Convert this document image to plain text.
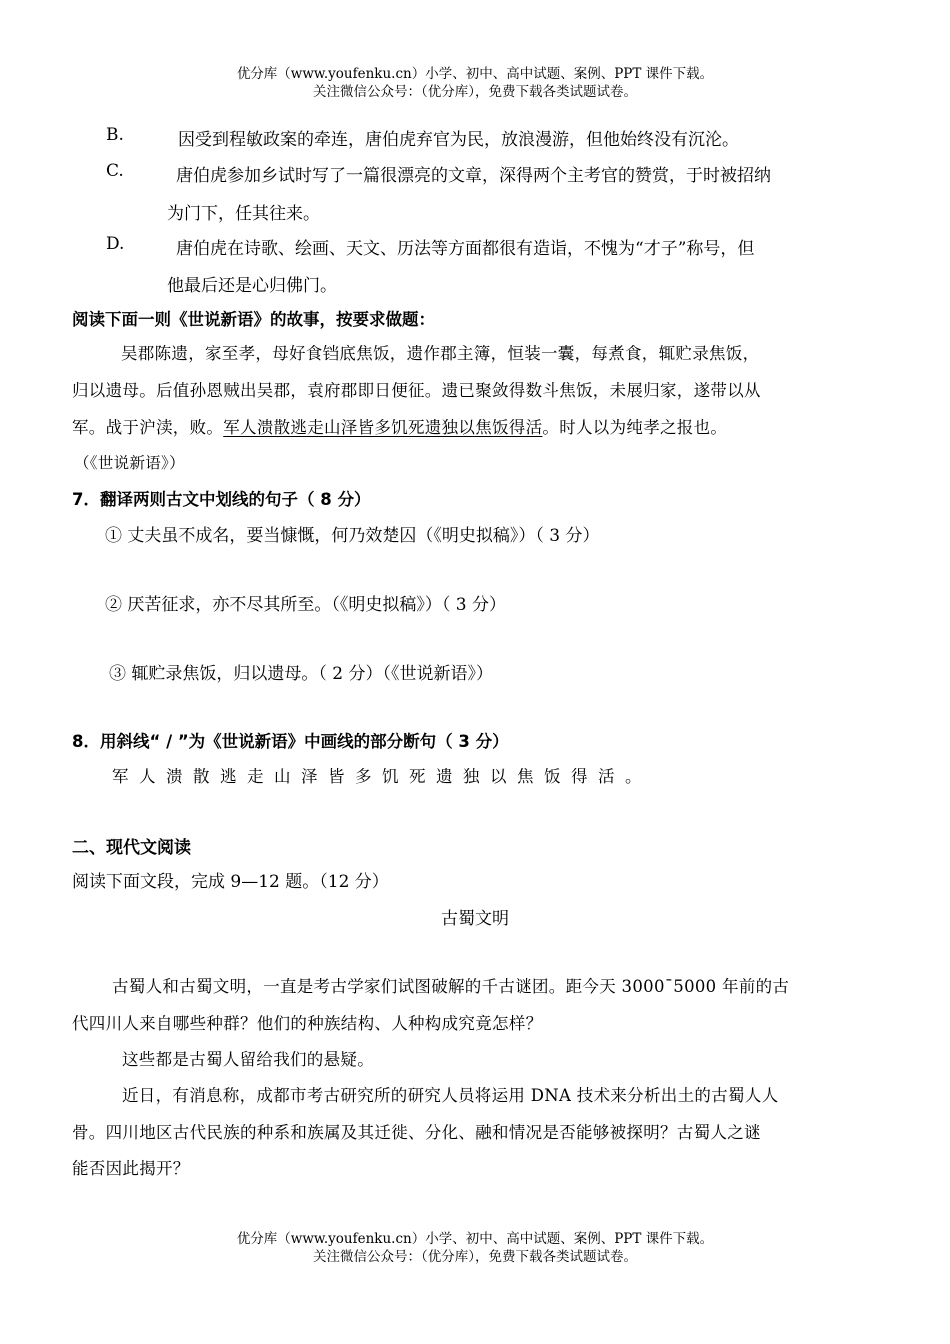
优分库（www.youfenku.cn）小学、初中、高中试题、案例、PPT 课件下载。
关注微信公众号：（优分库），免费下载各类试题试卷。
B.	因受到程敏政案的牵连，唐伯虎弃官为民，放浪漫游，但他始终没有沉沦。
C.	唐伯虎参加乡试时写了一篇很漂亮的文章，深得两个主考官的赞赏，于时被招纳
为门下，任其往来。
D.	唐伯虎在诗歌、绘画、天文、历法等方面都很有造诣，不愧为“才子”称号，但
他最后还是心归佛门。
阅读下面一则《世说新语》的故事，按要求做题：
吴郡陈遗，家至孝，母好食铛底焦饭，遗作郡主簿，恒装一囊，每煮食，辄贮录焦饭，
归以遗母。后值孙恩贼出吴郡，袁府郡即日便征。遗已聚敛得数斗焦饭，未展归家，遂带以从
军。战于沪渎，败。军人溃散逃走山泽皆多饥死遗独以焦饭得活。时人以为纯孝之报也。
（《世说新语》）
7．翻译两则古文中划线的句子（ 8 分）
① 丈夫虽不成名，要当慷慨，何乃效楚囚（《明史拟稿》）（ 3 分）
② 厌苦征求，亦不尽其所至。（《明史拟稿》）（ 3 分）
③ 辄贮录焦饭，归以遗母。（ 2 分）（《世说新语》）
8．用斜线“ / ”为《世说新语》中画线的部分断句（ 3 分）
军人溃散逃走山泽皆多饥死遗独以焦饭得活。
二、现代文阅读
阅读下面文段，完成 9—12 题。（12 分）
古蜀文明
古蜀人和古蜀文明，一直是考古学家们试图破解的千古谜团。距今天 3000¯5000 年前的古
代四川人来自哪些种群？他们的种族结构、人种构成究竟怎样？
这些都是古蜀人留给我们的悬疑。
近日，有消息称，成都市考古研究所的研究人员将运用 DNA 技术来分析出土的古蜀人人
骨。四川地区古代民族的种系和族属及其迁徙、分化、融和情况是否能够被探明？古蜀人之谜
能否因此揭开？
优分库（www.youfenku.cn）小学、初中、高中试题、案例、PPT 课件下载。
关注微信公众号：（优分库），免费下载各类试题试卷。
